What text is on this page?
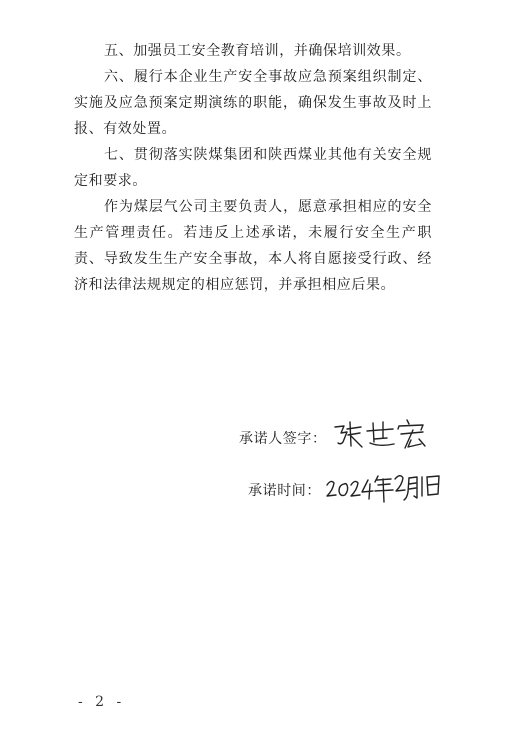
五、加强员工安全教育培训，并确保培训效果。

六、履行本企业生产安全事故应急预案组织制定、实施及应急预案定期演练的职能，确保发生事故及时上报、有效处置。

七、贯彻落实陕煤集团和陕西煤业其他有关安全规定和要求。

作为煤层气公司主要负责人，愿意承担相应的安全生产管理责任。若违反上述承诺，未履行安全生产职责、导致发生生产安全事故，本人将自愿接受行政、经济和法律法规规定的相应惩罚，并承担相应后果。

承诺人签字：
承诺时间：
- 2 -
